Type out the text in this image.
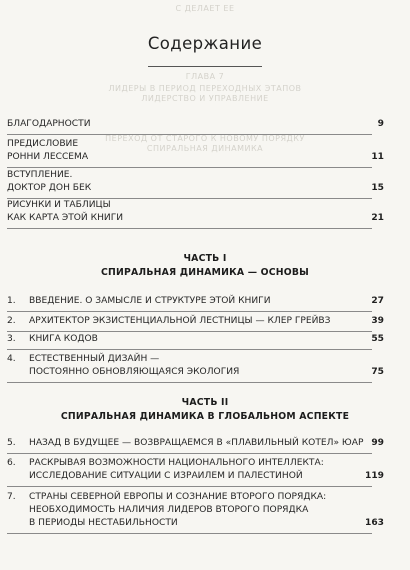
С ДЕЛАЕТ ЕЕ
ГЛАВА 7
ЛИДЕРЫ В ПЕРИОД ПЕРЕХОДНЫХ ЭТАПОВ
ЛИДЕРСТВО И УПРАВЛЕНИЕ
ПЕРЕХОД ОТ СТАРОГО К НОВОМУ ПОРЯДКУ
СПИРАЛЬНАЯ ДИНАМИКА
Содержание
БЛАГОДАРНОСТИ	9
ПРЕДИСЛОВИЕ
РОННИ ЛЕССЕМА	11
ВСТУПЛЕНИЕ.
ДОКТОР ДОН БЕК	15
РИСУНКИ И ТАБЛИЦЫ
КАК КАРТА ЭТОЙ КНИГИ	21
ЧАСТЬ I
СПИРАЛЬНАЯ ДИНАМИКА — ОСНОВЫ
1. ВВЕДЕНИЕ. О ЗАМЫСЛЕ И СТРУКТУРЕ ЭТОЙ КНИГИ	27
2. АРХИТЕКТОР ЭКЗИСТЕНЦИАЛЬНОЙ ЛЕСТНИЦЫ — КЛЕР ГРЕЙВЗ	39
3. КНИГА КОДОВ	55
4. ЕСТЕСТВЕННЫЙ ДИЗАЙН —
ПОСТОЯННО ОБНОВЛЯЮЩАЯСЯ ЭКОЛОГИЯ	75
ЧАСТЬ II
СПИРАЛЬНАЯ ДИНАМИКА В ГЛОБАЛЬНОМ АСПЕКТЕ
5. НАЗАД В БУДУЩЕЕ — ВОЗВРАЩАЕМСЯ В «ПЛАВИЛЬНЫЙ КОТЕЛ» ЮАР 99
6. РАСКРЫВАЯ ВОЗМОЖНОСТИ НАЦИОНАЛЬНОГО ИНТЕЛЛЕКТА:
ИССЛЕДОВАНИЕ СИТУАЦИИ С ИЗРАИЛЕМ И ПАЛЕСТИНОЙ	119
7. СТРАНЫ СЕВЕРНОЙ ЕВРОПЫ И СОЗНАНИЕ ВТОРОГО ПОРЯДКА:
НЕОБХОДИМОСТЬ НАЛИЧИЯ ЛИДЕРОВ ВТОРОГО ПОРЯДКА
В ПЕРИОДЫ НЕСТАБИЛЬНОСТИ	163
